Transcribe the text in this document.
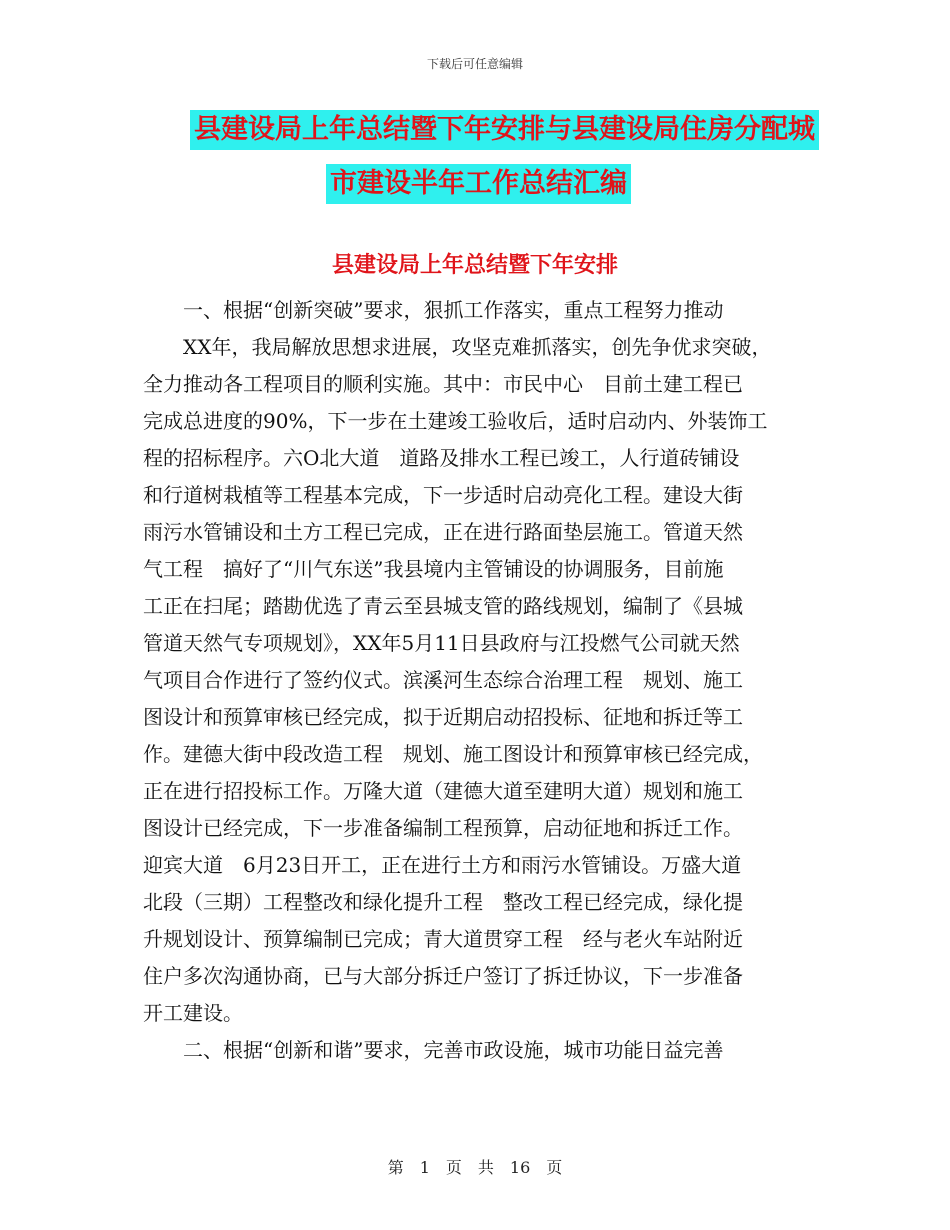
下载后可任意编辑
县建设局上年总结暨下年安排与县建设局住房分配城
市建设半年工作总结汇编
县建设局上年总结暨下年安排
　　一、根据“创新突破”要求，狠抓工作落实，重点工程努力推动
　　XX年，我局解放思想求进展，攻坚克难抓落实，创先争优求突破，
全力推动各工程项目的顺利实施。其中：市民中心　目前土建工程已
完成总进度的90%，下一步在土建竣工验收后，适时启动内、外装饰工
程的招标程序。六O北大道　道路及排水工程已竣工，人行道砖铺设
和行道树栽植等工程基本完成，下一步适时启动亮化工程。建设大街
雨污水管铺设和土方工程已完成，正在进行路面垫层施工。管道天然
气工程　搞好了“川气东送”我县境内主管铺设的协调服务，目前施
工正在扫尾；踏勘优选了青云至县城支管的路线规划，编制了《县城
管道天然气专项规划》，XX年5月11日县政府与江投燃气公司就天然
气项目合作进行了签约仪式。滨溪河生态综合治理工程　规划、施工
图设计和预算审核已经完成，拟于近期启动招投标、征地和拆迁等工
作。建德大街中段改造工程　规划、施工图设计和预算审核已经完成，
正在进行招投标工作。万隆大道（建德大道至建明大道）规划和施工
图设计已经完成，下一步准备编制工程预算，启动征地和拆迁工作。
迎宾大道　6月23日开工，正在进行土方和雨污水管铺设。万盛大道
北段（三期）工程整改和绿化提升工程　整改工程已经完成，绿化提
升规划设计、预算编制已完成；青大道贯穿工程　经与老火车站附近
住户多次沟通协商，已与大部分拆迁户签订了拆迁协议，下一步准备
开工建设。
　　二、根据“创新和谐”要求，完善市政设施，城市功能日益完善
第　1　页　共　16　页
